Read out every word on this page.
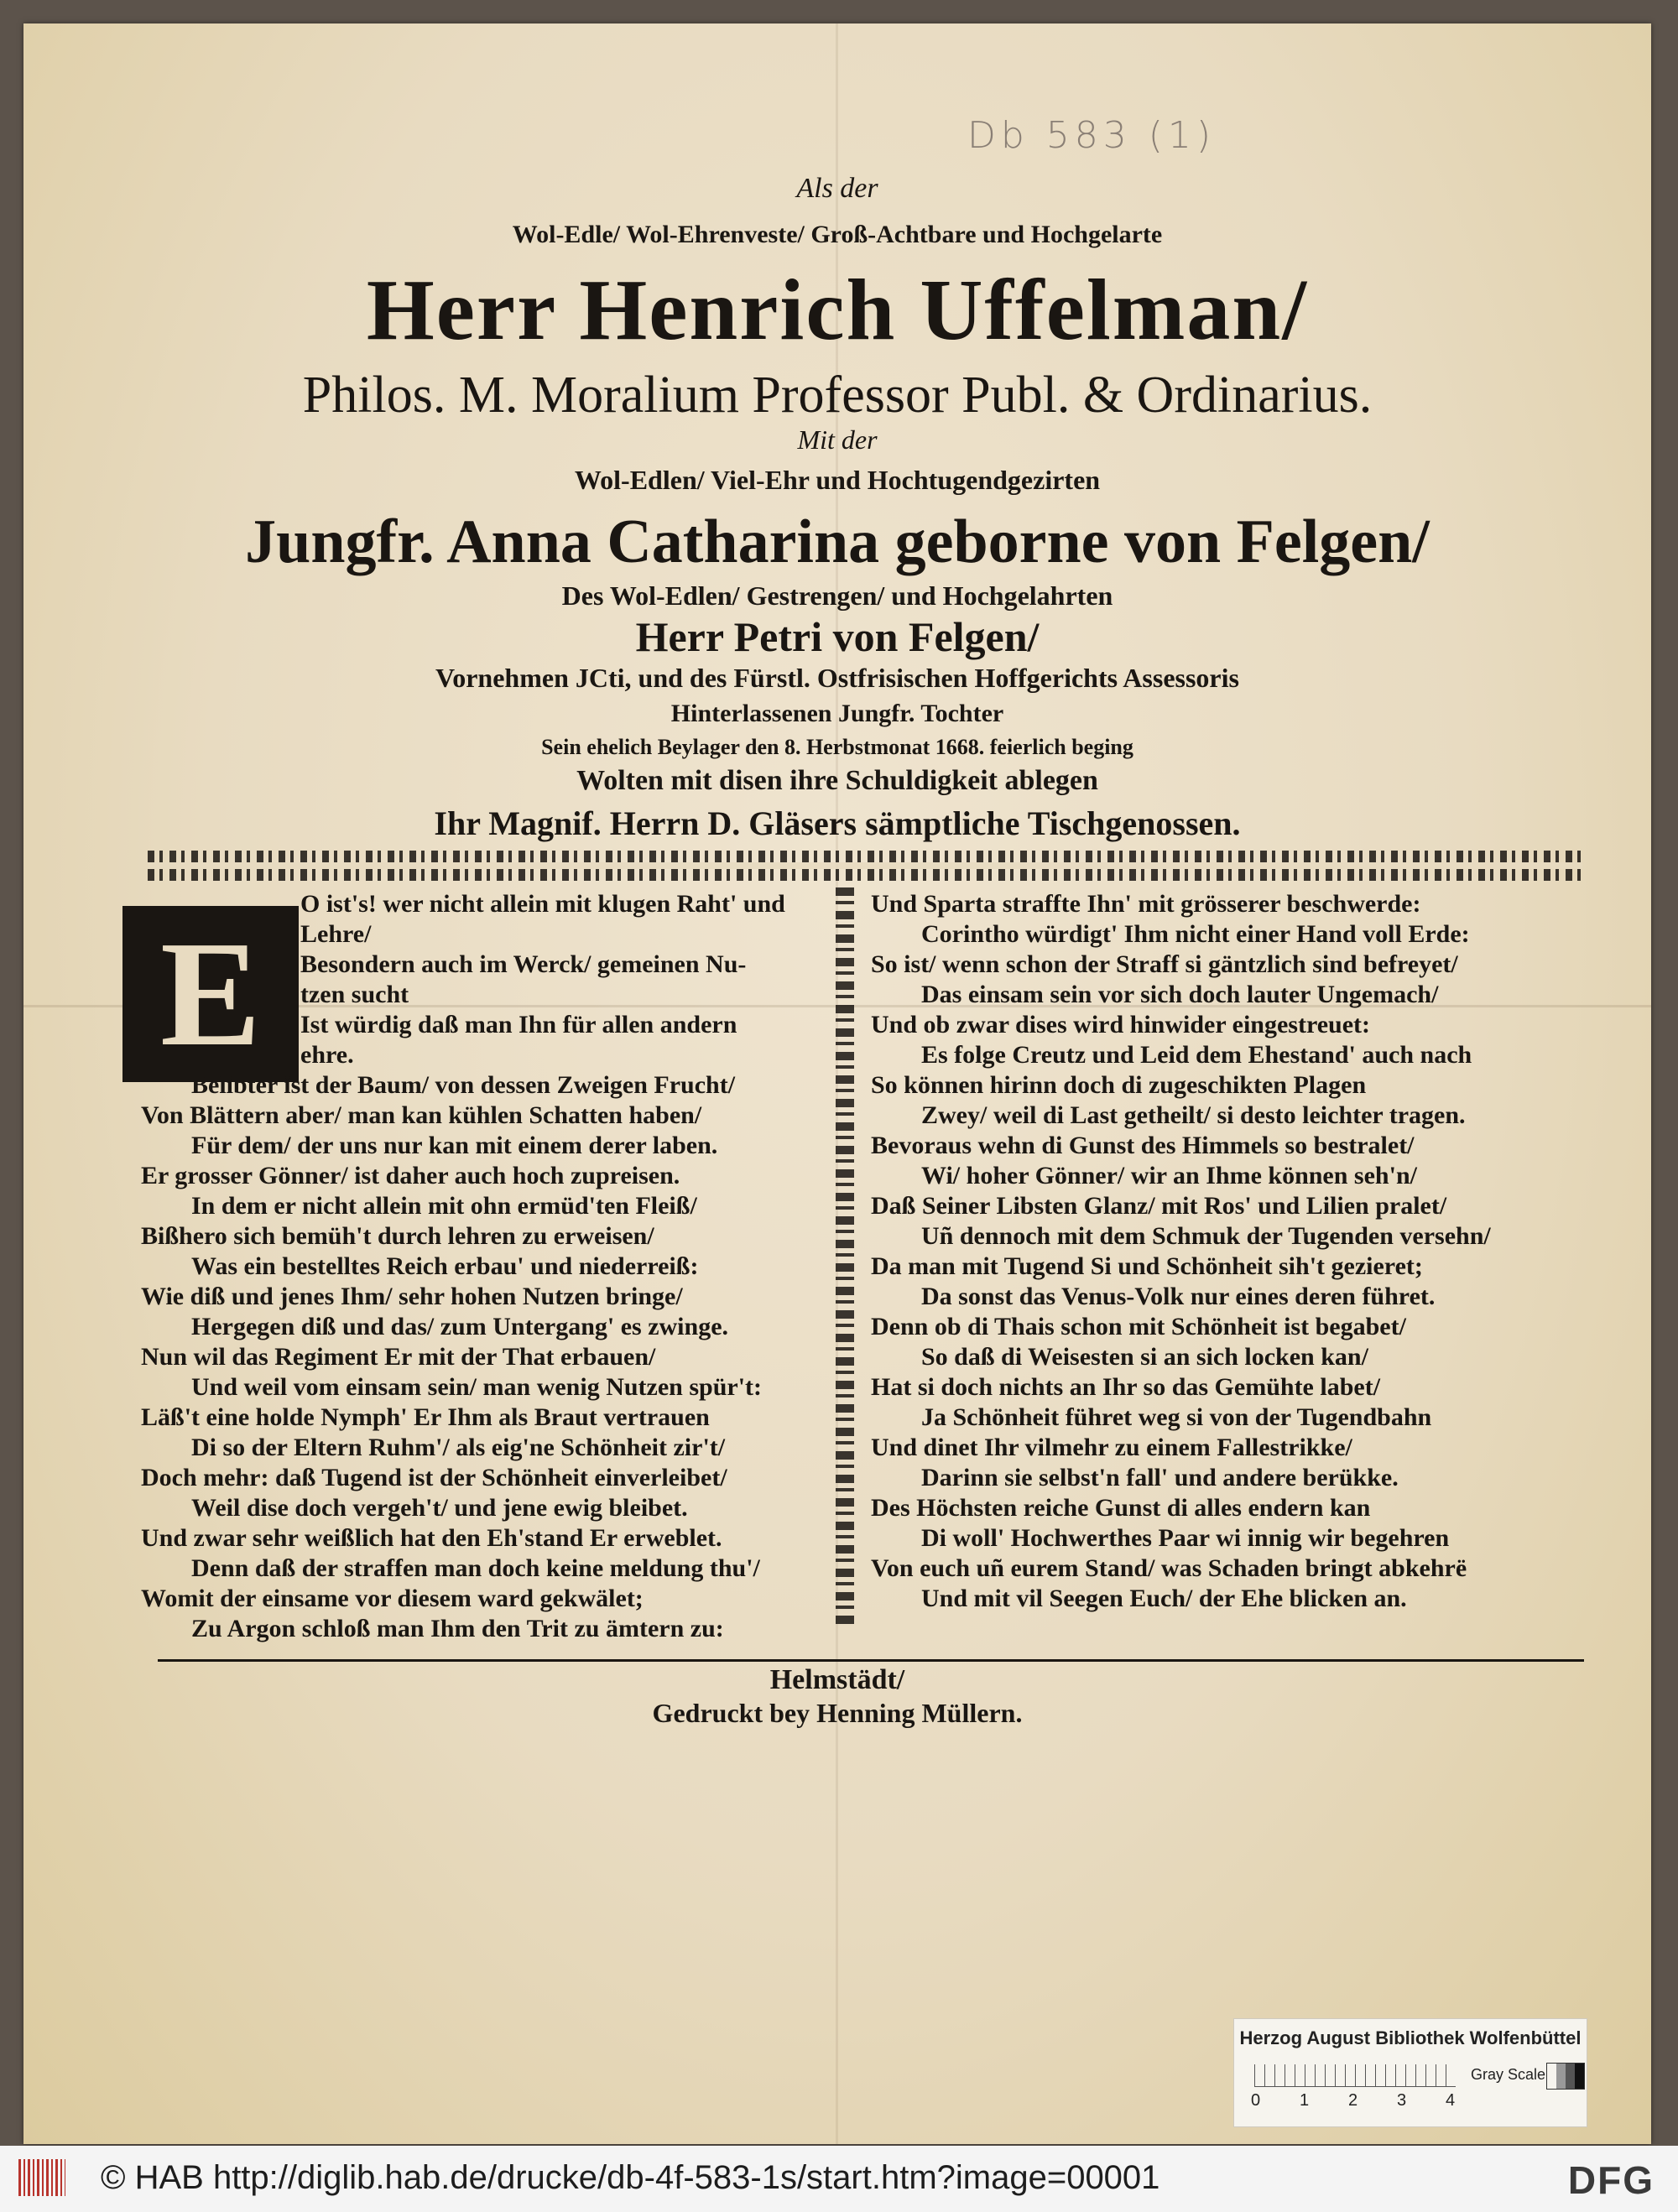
Db 583 (1)
Als der
Wol-Edle/ Wol-Ehrenveste/ Groß-Achtbare und Hochgelarte
Herr Henrich Uffelman/
Philos. M. Moralium Professor Publ. & Ordinarius.
Mit der
Wol-Edlen/ Viel-Ehr und Hochtugendgezirten
Jungfr. Anna Catharina geborne von Felgen/
Des Wol-Edlen/ Gestrengen/ und Hochgelahrten
Herr Petri von Felgen/
Vornehmen JCti, und des Fürstl. Ostfrisischen Hoffgerichts Assessoris
Hinterlassenen Jungfr. Tochter
Sein ehelich Beylager den 8. Herbstmonat 1668. feierlich beging
Wolten mit disen ihre Schuldigkeit ablegen
Ihr Magnif. Herrn D. Gläsers sämptliche Tischgenossen.
E
O ist's! wer nicht allein mit klugen Raht' und
Lehre/
Besondern auch im Werck/ gemeinen Nu-
tzen sucht
Ist würdig daß man Ihn für allen andern
ehre.
Belibter ist der Baum/ von dessen Zweigen Frucht/
Von Blättern aber/ man kan kühlen Schatten haben/
Für dem/ der uns nur kan mit einem derer laben.
Er grosser Gönner/ ist daher auch hoch zupreisen.
In dem er nicht allein mit ohn ermüd'ten Fleiß/
Bißhero sich bemüh't durch lehren zu erweisen/
Was ein bestelltes Reich erbau' und niederreiß:
Wie diß und jenes Ihm/ sehr hohen Nutzen bringe/
Hergegen diß und das/ zum Untergang' es zwinge.
Nun wil das Regiment Er mit der That erbauen/
Und weil vom einsam sein/ man wenig Nutzen spür't:
Läß't eine holde Nymph' Er Ihm als Braut vertrauen
Di so der Eltern Ruhm'/ als eig'ne Schönheit zir't/
Doch mehr: daß Tugend ist der Schönheit einverleibet/
Weil dise doch vergeh't/ und jene ewig bleibet.
Und zwar sehr weißlich hat den Eh'stand Er erweblet.
Denn daß der straffen man doch keine meldung thu'/
Womit der einsame vor diesem ward gekwälet;
Zu Argon schloß man Ihm den Trit zu ämtern zu:
Und Sparta straffte Ihn' mit grösserer beschwerde:
Corintho würdigt' Ihm nicht einer Hand voll Erde:
So ist/ wenn schon der Straff si gäntzlich sind befreyet/
Das einsam sein vor sich doch lauter Ungemach/
Und ob zwar dises wird hinwider eingestreuet:
Es folge Creutz und Leid dem Ehestand' auch nach
So können hirinn doch di zugeschikten Plagen
Zwey/ weil di Last getheilt/ si desto leichter tragen.
Bevoraus wehn di Gunst des Himmels so bestralet/
Wi/ hoher Gönner/ wir an Ihme können seh'n/
Daß Seiner Libsten Glanz/ mit Ros' und Lilien pralet/
Uñ dennoch mit dem Schmuk der Tugenden versehn/
Da man mit Tugend Si und Schönheit sih't gezieret;
Da sonst das Venus-Volk nur eines deren führet.
Denn ob di Thais schon mit Schönheit ist begabet/
So daß di Weisesten si an sich locken kan/
Hat si doch nichts an Ihr so das Gemühte labet/
Ja Schönheit führet weg si von der Tugendbahn
Und dinet Ihr vilmehr zu einem Fallestrikke/
Darinn sie selbst'n fall' und andere berükke.
Des Höchsten reiche Gunst di alles endern kan
Di woll' Hochwerthes Paar wi innig wir begehren
Von euch uñ eurem Stand/ was Schaden bringt abkehrë
Und mit vil Seegen Euch/ der Ehe blicken an.
Helmstädt/
Gedruckt bey Henning Müllern.
Herzog August Bibliothek Wolfenbüttel
0 1 2 3 4
Gray Scale
© HAB http://diglib.hab.de/drucke/db-4f-583-1s/start.htm?image=00001	DFG
